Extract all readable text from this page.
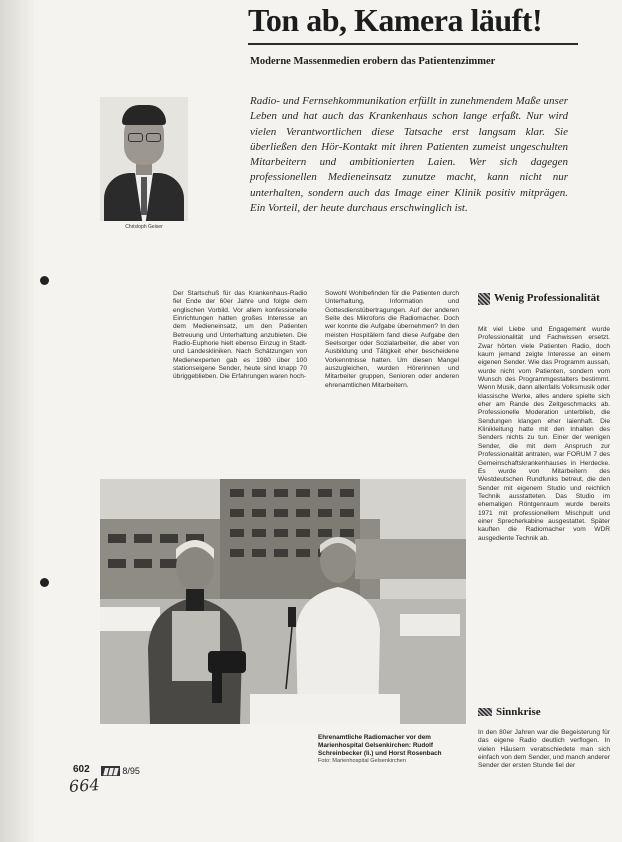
Ton ab, Kamera läuft!
Moderne Massenmedien erobern das Patientenzimmer
Christoph Geiser

Radio- und Fernsehkommunikation erfüllt in zunehmendem Maße unser Leben und hat auch das Krankenhaus schon lange erfaßt. Nur wird vielen Verantwortlichen diese Tatsache erst langsam klar. Sie überließen den Hör-Kontakt mit ihren Patienten zumeist ungeschulten Mitarbeitern und ambitionierten Laien. Wer sich dagegen professionellen Medieneinsatz zunutze macht, kann nicht nur unterhalten, sondern auch das Image einer Klinik positiv mitprägen. Ein Vorteil, der heute durchaus erschwinglich ist.

Der Startschuß für das Krankenhaus-Radio fiel Ende der 60er Jahre und folgte dem englischen Vorbild. Vor allem konfessionelle Einrichtungen hatten großes Interesse an dem Medieneinsatz, um den Patienten Betreuung und Unterhaltung anzubieten. Die Radio-Euphorie hielt ebenso Einzug in Stadt- und Landeskliniken. Nach Schätzungen von Medienexperten gab es 1980 über 100 stationseigene Sender, heute sind knapp 70 übriggeblieben. Die Erfahrungen waren hoch-

Sowohl Wohlbefinden für die Patienten durch Unterhaltung, Information und Gottesdienstübertragungen. Auf der anderen Seite des Mikrofons die Radiomacher. Doch wer konnte die Aufgabe übernehmen? In den meisten Hospitälern fand diese Aufgabe den Seelsorger oder Sozialarbeiter, die aber von Ausbildung und Tätigkeit eher bescheidene Vorkenntnisse hatten. Um diesen Mangel auszugleichen, wurden Hörerinnen und Mitarbeiter gruppen, Senioren oder anderen ehrenamtlichen Mitarbeitern.

Wenig Professionalität

Mit viel Liebe und Engagement wurde Professionalität und Fachwissen ersetzt. Zwar hörten viele Patienten Radio, doch kaum jemand zeigte Interesse an einem eigenen Sender. Wie das Programm aussah, wurde nicht vom Patienten, sondern vom Wunsch des Programmgestalters bestimmt. Wenn Musik, dann allenfalls Volksmusik oder klassische Werke, alles andere spielte sich eher am Rande des Zeitgeschmacks ab. Professionelle Moderation unterblieb, die Sendungen klangen eher laienhaft. Die Klinikleitung hatte mit den Inhalten des Senders nichts zu tun. Einer der wenigen Sender, die mit dem Anspruch zur Professionalität antraten, war FORUM 7 des Gemeinschaftskrankenhauses in Herdecke. Es wurde von Mitarbeitern des Westdeutschen Rundfunks betreut, die den Sender mit eigenem Studio und reichlich Technik ausstatteten. Das Studio im ehemaligen Röntgenraum wurde bereits 1971 mit professionellem Mischpult und einer Sprecherkabine ausgestattet. Später kauften die Radiomacher vom WDR ausgediente Technik ab.

Sinnkrise

In den 80er Jahren war die Begeisterung für das eigene Radio deutlich verflogen. In vielen Häusern verabschiedete man sich einfach von dem Sender, und manch anderer Sender der ersten Stunde fiel der

Ehrenamtliche Radiomacher vor dem Marienhospital Gelsenkirchen: Rudolf Schreinbecker (li.) und Horst Rosenbach

Foto: Marienhospital Gelsenkirchen

602 ▮▮▮ 8/95
664
